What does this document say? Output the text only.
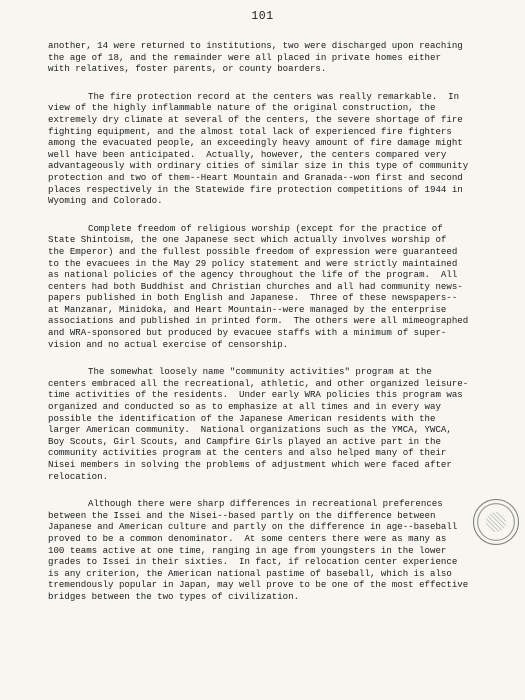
101

another, 14 were returned to institutions, two were discharged upon reaching
the age of 18, and the remainder were all placed in private homes either
with relatives, foster parents, or county boarders.

The fire protection record at the centers was really remarkable.  In
view of the highly inflammable nature of the original construction, the
extremely dry climate at several of the centers, the severe shortage of fire
fighting equipment, and the almost total lack of experienced fire fighters
among the evacuated people, an exceedingly heavy amount of fire damage might
well have been anticipated.  Actually, however, the centers compared very
advantageously with ordinary cities of similar size in this type of community
protection and two of them--Heart Mountain and Granada--won first and second
places respectively in the Statewide fire protection competitions of 1944 in
Wyoming and Colorado.

Complete freedom of religious worship (except for the practice of
State Shintoism, the one Japanese sect which actually involves worship of
the Emperor) and the fullest possible freedom of expression were guaranteed
to the evacuees in the May 29 policy statement and were strictly maintained
as national policies of the agency throughout the life of the program.  All
centers had both Buddhist and Christian churches and all had community news-
papers published in both English and Japanese.  Three of these newspapers--
at Manzanar, Minidoka, and Heart Mountain--were managed by the enterprise
associations and published in printed form.  The others were all mimeographed
and WRA-sponsored but produced by evacuee staffs with a minimum of super-
vision and no actual exercise of censorship.

The somewhat loosely name "community activities" program at the
centers embraced all the recreational, athletic, and other organized leisure-
time activities of the residents.  Under early WRA policies this program was
organized and conducted so as to emphasize at all times and in every way
possible the identification of the Japanese American residents with the
larger American community.  National organizations such as the YMCA, YWCA,
Boy Scouts, Girl Scouts, and Campfire Girls played an active part in the
community activities program at the centers and also helped many of their
Nisei members in solving the problems of adjustment which were faced after
relocation.

Although there were sharp differences in recreational preferences
between the Issei and the Nisei--based partly on the difference between
Japanese and American culture and partly on the difference in age--baseball
proved to be a common denominator.  At some centers there were as many as
100 teams active at one time, ranging in age from youngsters in the lower
grades to Issei in their sixties.  In fact, if relocation center experience
is any criterion, the American national pastime of baseball, which is also
tremendously popular in Japan, may well prove to be one of the most effective
bridges between the two types of civilization.
